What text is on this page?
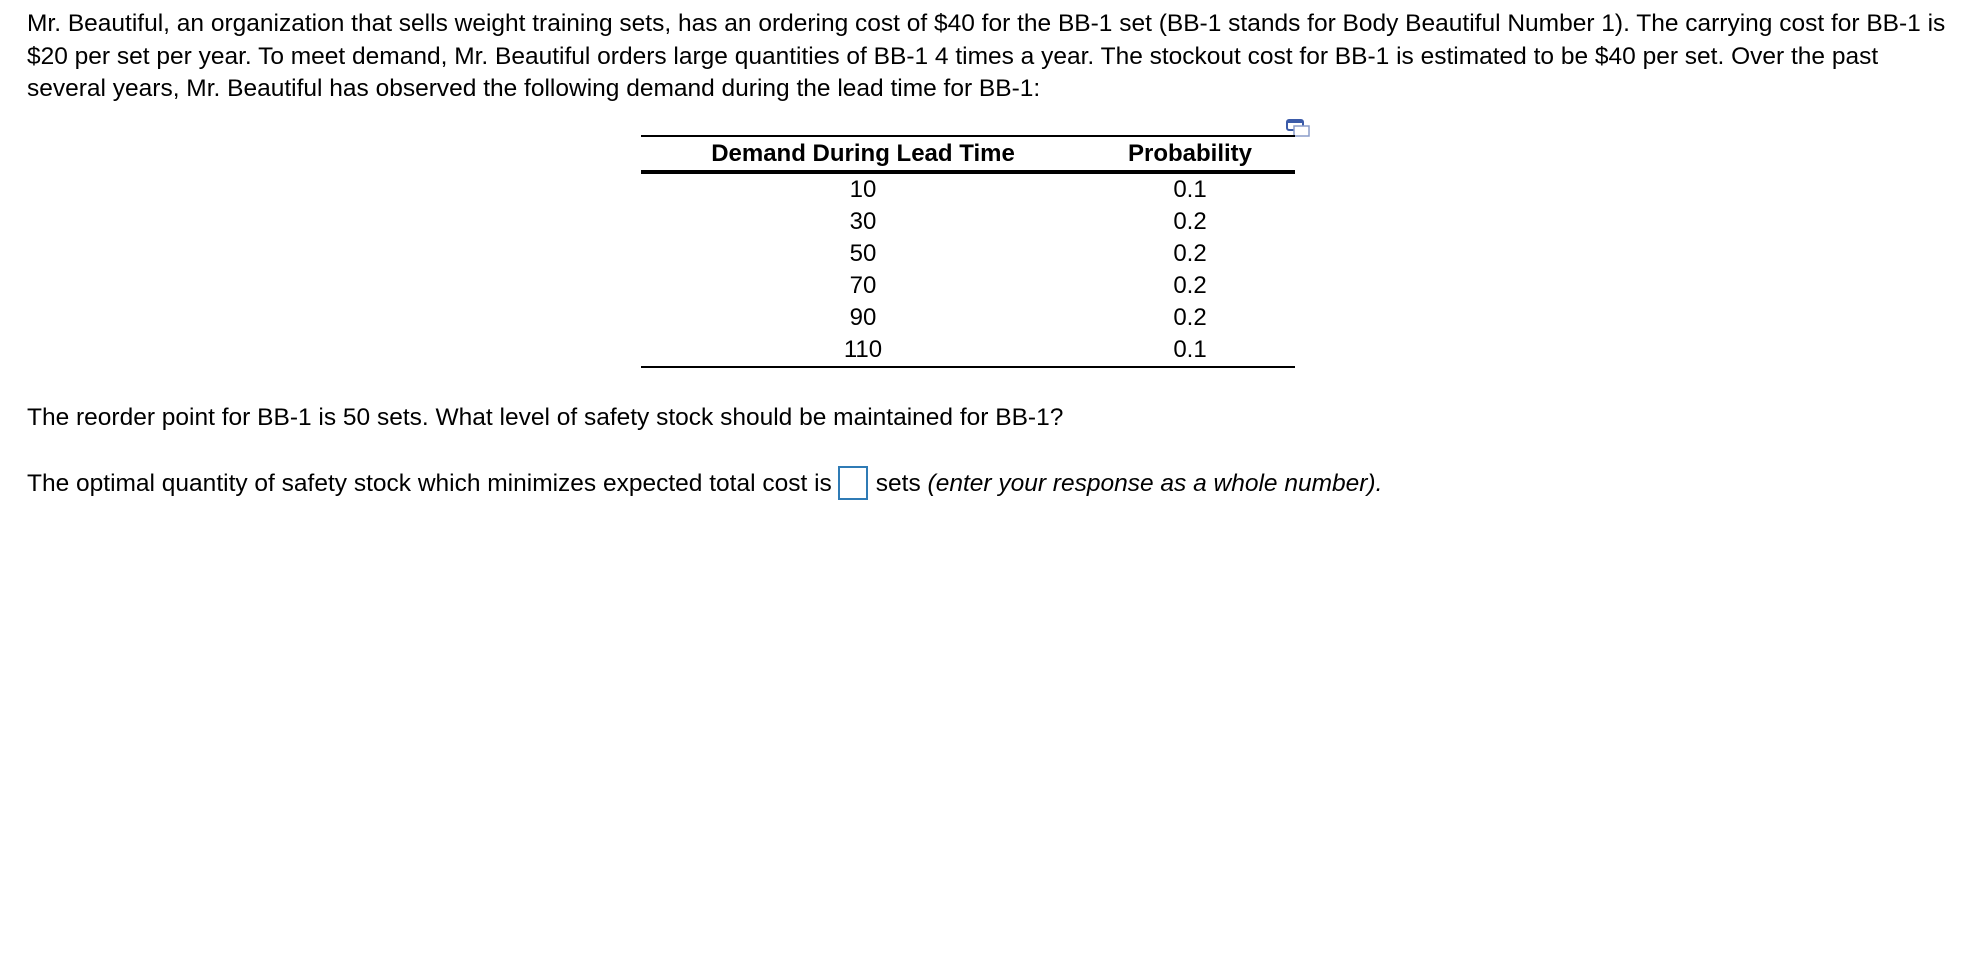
Mr. Beautiful, an organization that sells weight training sets, has an ordering cost of $40 for the BB-1 set (BB-1 stands for Body Beautiful Number 1). The carrying cost for BB-1 is $20 per set per year. To meet demand, Mr. Beautiful orders large quantities of BB-1 4 times a year. The stockout cost for BB-1 is estimated to be $40 per set. Over the past several years, Mr. Beautiful has observed the following demand during the lead time for BB-1:

The reorder point for BB-1 is 50 sets. What level of safety stock should be maintained for BB-1?

The optimal quantity of safety stock which minimizes expected total cost is sets (enter your response as a whole number).

Demand During Lead Time	Probability
10	0.1
30	0.2
50	0.2
70	0.2
90	0.2
110	0.1
